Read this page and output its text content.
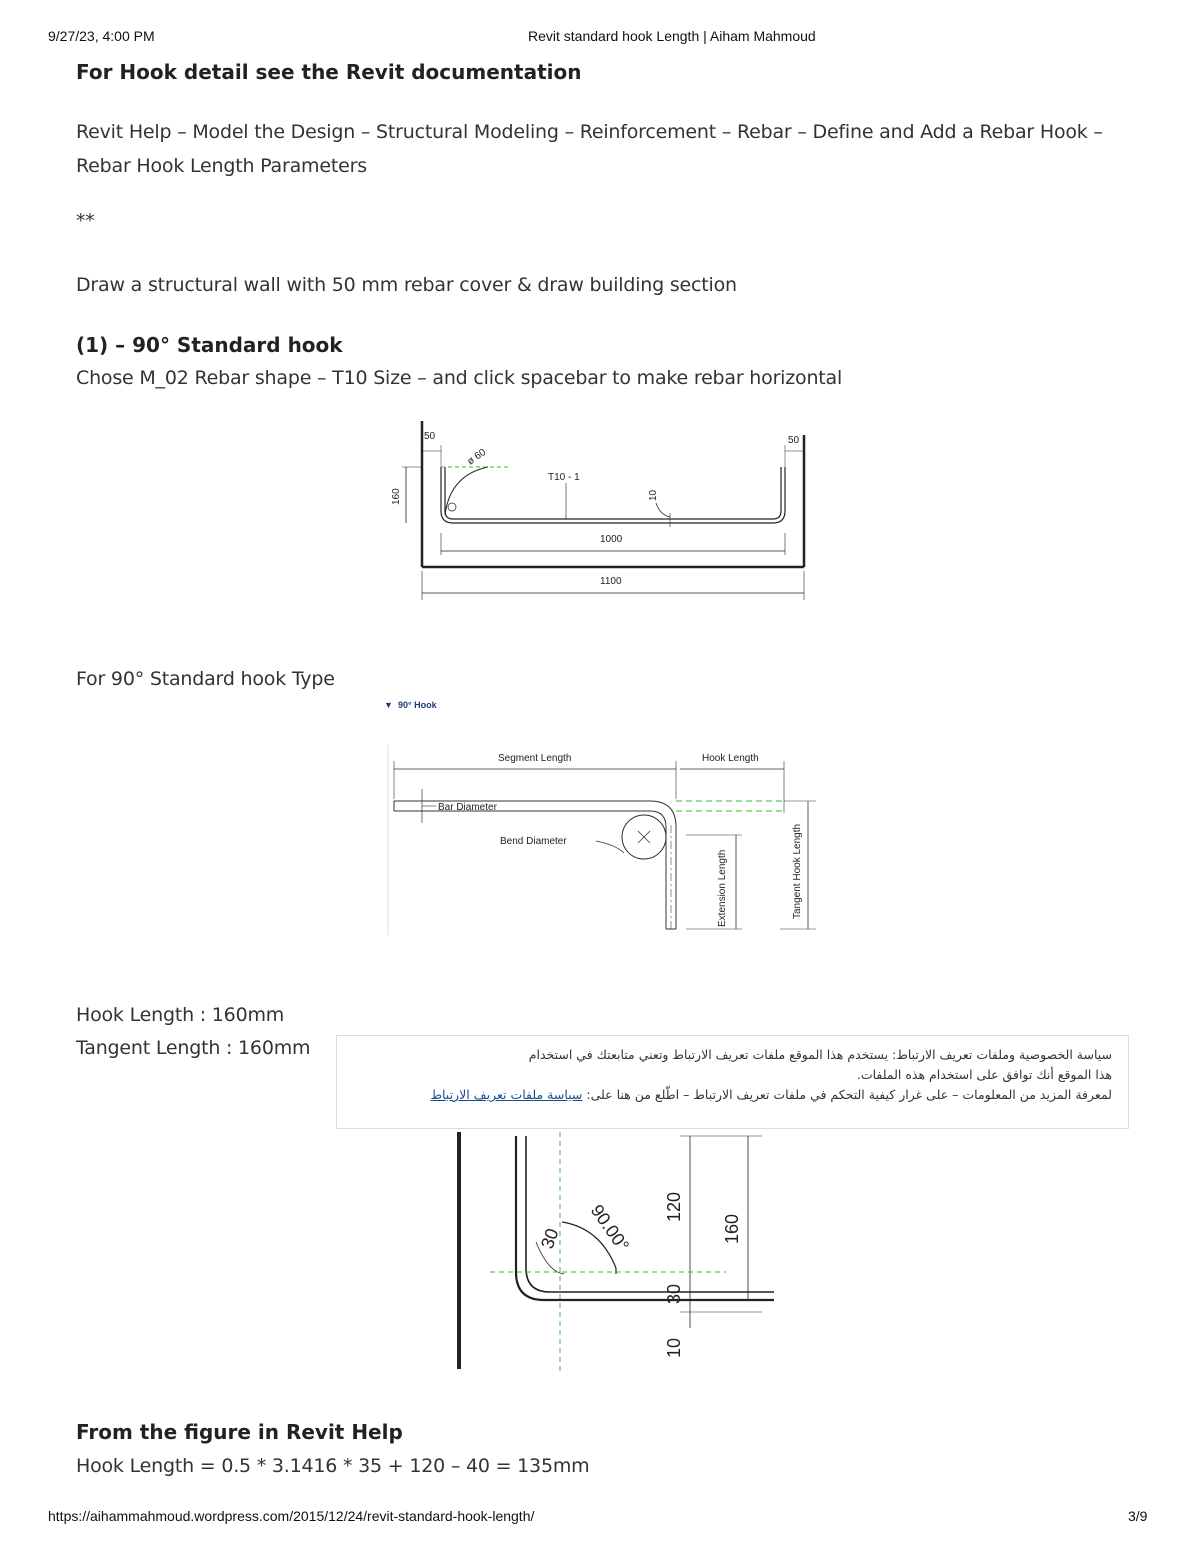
9/27/23, 4:00 PM	Revit standard hook Length | Aiham Mahmoud
For Hook detail see the Revit documentation
Revit Help – Model the Design – Structural Modeling – Reinforcement – Rebar – Define and Add a Rebar Hook –
Rebar Hook Length Parameters
**
Draw a structural wall with 50 mm rebar cover & draw building section
(1) – 90° Standard hook
Chose M_02 Rebar shape – T10 Size – and click spacebar to make rebar horizontal
50	50
ø 60
160
T10 - 1
10
1000
1100
For 90° Standard hook Type
▼ 90° Hook
Segment Length	Hook Length
Bar Diameter
Bend Diameter
Extension Length	Tangent Hook Length
Hook Length : 160mm
Tangent Length : 160mm
90.00°
30
120
160
30
10
سياسة الخصوصية وملفات تعريف الارتباط: يستخدم هذا الموقع ملفات تعريف الارتباط وتعني متابعتك في استخدام
هذا الموقع أنك توافق على استخدام هذه الملفات.
لمعرفة المزيد من المعلومات – على غرار كيفية التحكم في ملفات تعريف الارتباط – اطّلع من هنا على: سياسة ملفات تعريف الارتباط
From the figure in Revit Help
Hook Length = 0.5 * 3.1416 * 35 + 120 – 40 = 135mm
https://aihammahmoud.wordpress.com/2015/12/24/revit-standard-hook-length/	3/9
